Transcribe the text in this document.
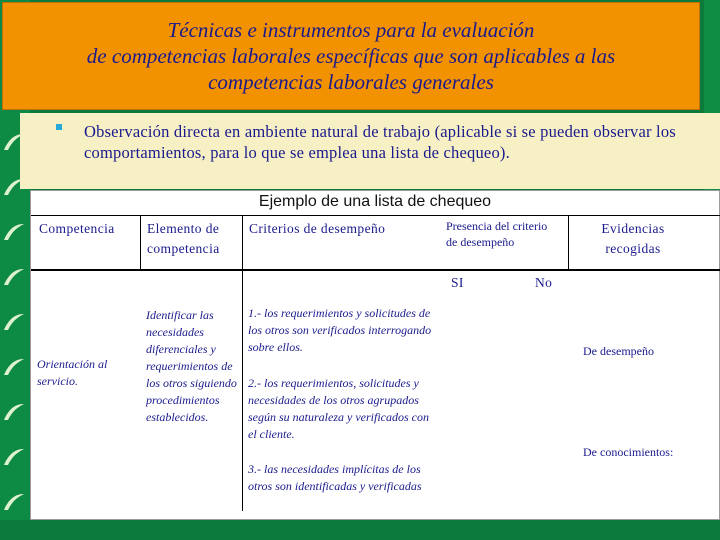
Técnicas e instrumentos para la evaluación
de competencias laborales específicas que son aplicables a las
competencias laborales generales
Observación directa en ambiente natural de trabajo (aplicable si se pueden observar los comportamientos, para lo que se emplea una lista de chequeo).
Ejemplo de una lista de chequeo
Competencia Elemento de competencia
Criterios de desempeño	Presencia del criterio de desempeño
Evidencias recogidas
SI	No
Orientación al servicio.
Identificar las necesidades diferenciales y requerimientos de los otros siguiendo procedimientos establecidos.
1.- los requerimientos y solicitudes de los otros son verificados interrogando sobre ellos.
2.- los requerimientos, solicitudes y necesidades de los otros agrupados según su naturaleza y verificados con el cliente.
3.- las necesidades implícitas de los otros son identificadas y verificadas
De desempeño
De conocimientos:
